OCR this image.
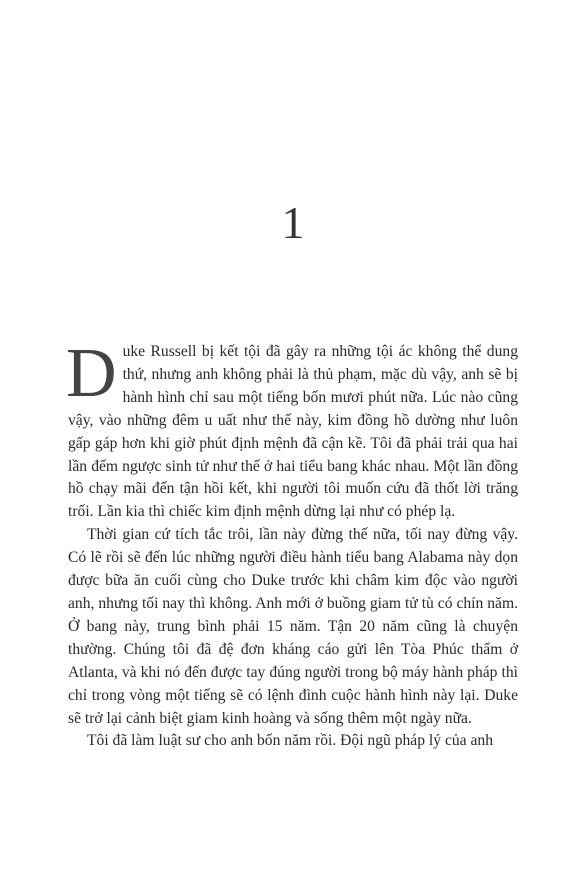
1

Duke Russell bị kết tội đã gây ra những tội ác không thể dung thứ, nhưng anh không phải là thủ phạm, mặc dù vậy, anh sẽ bị hành hình chỉ sau một tiếng bốn mươi phút nữa. Lúc nào cũng vậy, vào những đêm u uất như thế này, kim đồng hồ dường như luôn gấp gáp hơn khi giờ phút định mệnh đã cận kề. Tôi đã phải trải qua hai lần đếm ngược sinh tử như thế ở hai tiểu bang khác nhau. Một lần đồng hồ chạy mãi đến tận hồi kết, khi người tôi muốn cứu đã thốt lời trăng trối. Lần kia thì chiếc kim định mệnh dừng lại như có phép lạ.

Thời gian cứ tích tắc trôi, lần này đừng thế nữa, tối nay đừng vậy. Có lẽ rồi sẽ đến lúc những người điều hành tiểu bang Alabama này dọn được bữa ăn cuối cùng cho Duke trước khi châm kim độc vào người anh, nhưng tối nay thì không. Anh mới ở buồng giam tử tù có chín năm. Ở bang này, trung bình phải 15 năm. Tận 20 năm cũng là chuyện thường. Chúng tôi đã đệ đơn kháng cáo gửi lên Tòa Phúc thẩm ở Atlanta, và khi nó đến được tay đúng người trong bộ máy hành pháp thì chỉ trong vòng một tiếng sẽ có lệnh đình cuộc hành hình này lại. Duke sẽ trở lại cảnh biệt giam kinh hoàng và sống thêm một ngày nữa.

Tôi đã làm luật sư cho anh bốn năm rồi. Đội ngũ pháp lý của anh
